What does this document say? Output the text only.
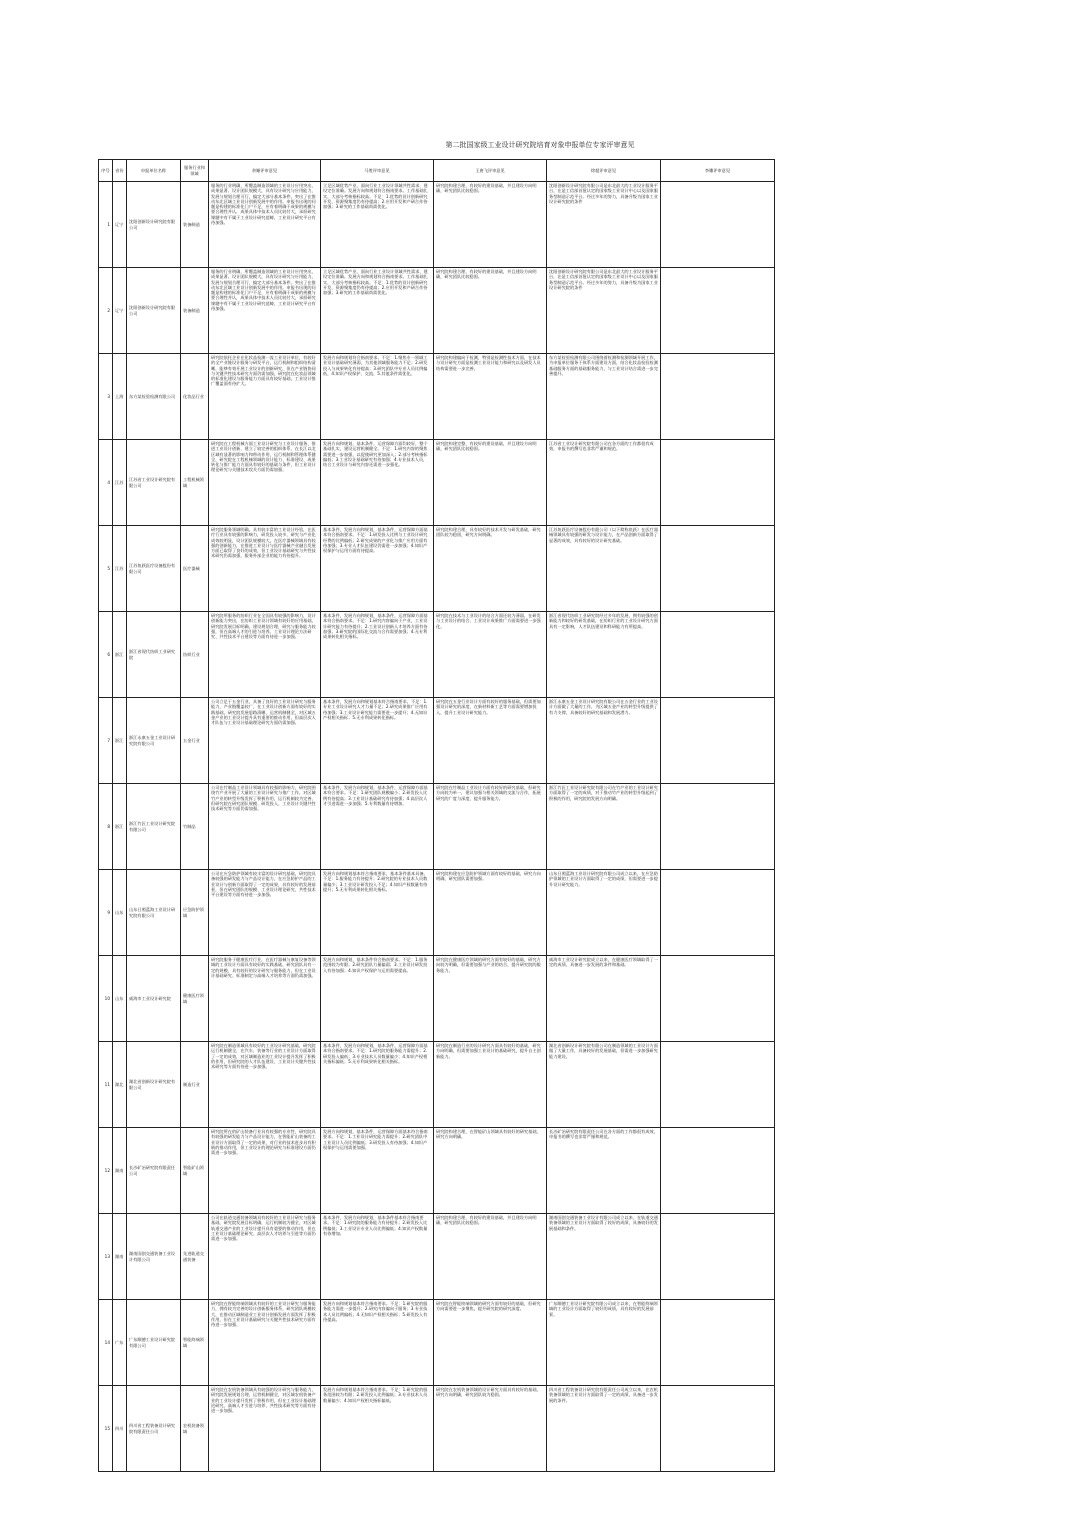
第二批国家级工业设计研究院培育对象申报单位专家评审意见
序号	省份	申报单位名称	服务行业和领域	余姗评审意见	马胜评审意见	王唐飞评审意见	徐超评审意见	李雕评审意见
1	辽宁	沈阳创新设计研究院有限公司	装备制造	服务的行业明确，所覆盖制造领域的工业设计应用突出，成果显著。设计团队规模大，具有设计研究与应用能力，发展与规划合理可行，搞定大部分基本条件。突出了在推动东北区域工业设计创新发展中的作用。申报书出现的问题是构建的标准化门户不足，应有着明确干成果的规模与要合理性并认，成果具体中技术人员比较付大，承担研究课题中有不属于工业设计研究范畴，工业设计研究平台有待加强。	立足区域优势产业，面向行业工业设计领域共性需求，建设定位准确。发展方向和规划符合指南要求。工作基础扎实，大部分考核指标较高。不足：1.优势的设计创新研究开发、资源聚集度仍有待提高；2.应用开发和产研合作待加强；3.研究的工作基础尚需优化。	研究院构建合理，有较好的建设基础，并且建设方向明确，研究团队比较稳固。	沈阳创新设计研究院有限公司是东北最大的工业设计服务平台，在是工信部首批认定的国家级工业设计中心以及国家服务型制造示范平台。经过多年的努力，具备升级为国家工业设计研究院的条件	
2	辽宁	沈阳创新设计研究院有限公司	装备制造	服务的行业明确，所覆盖制造领域的工业设计应用突出，成果显著。设计团队规模大，具有设计研究与应用能力，发展与规划合理可行，搞定大部分基本条件。突出了在推动东北区域工业设计创新发展中的作用。申报书出现的问题是构建的标准化门户不足，应有着明确干成果的规模与要合理性并认，成果具体中技术人员比较付大，承担研究课题中有不属于工业设计研究范畴，工业设计研究平台有待加强。	立足区域优势产业，面向行业工业设计领域共性需求，建设定位准确。发展方向和规划符合指南要求。工作基础扎实，大部分考核指标较高。不足：1.优势的设计创新研究开发、资源聚集度仍有待提高；2.应用开发和产研合作待加强；3.研究的工作基础尚需优化。	研究院构建合理，有较好的建设基础，并且建设方向明确，研究团队比较稳固。	沈阳创新设计研究院有限公司是东北最大的工业设计服务平台，在是工信部首批认定的国家级工业设计中心以及国家服务型制造示范平台。经过多年的努力，具备升级为国家工业设计研究院的条件	
3	上海	东方某检验检测有限公司	化妆品行业	研究院依托企业在化妆品检测一流工业设计单位，有较好的全产业链设计服务与研发平台，运行机制和组织结构清晰，能够有效开展工业设计的创新研究，但在产业链协同与关键共性技术研究方面仍需加强，研究院在化妆品领域的标准化建设与服务能力方面具有较好基础，工业设计推广覆盖面有待扩大。	发展方向和规划符合指南要求。不足：1.聚焦专一领域工业设计基础研究薄弱，为其他领域服务能力不足；2.研发投入与成果转化有待提高；3.研究团队中专业人员比例偏低，4.知识产权保护、交流、5.其他条件需优化。	研究院构建偏向于检测，特别是检测性技术方面，在技术与设计研究方面是检测工业设计能力和研究以及研发人员结构需要进一步完善。	东方某检验检测有限公司围绕着检测和检测领域开展工作，为申报单位服务于体系方面建设方面，结合化妆品检验检测基础服务方面的基础服务能力，与工业设计结合需进一步完善提升。	
4	江苏	江苏省工业设计研究院有限公司	工程机械领域	研究院在工程机械方面工业设计研究与工业设计服务、推进工业设计创新、建立了较完善的组织体系，在长江以北区域有显著的影响力和带动作用，运行机制和管理体系健全，研究院在工程机械领域的设计能力、标准建设、成果转化与推广能力方面具有较好的基础与条件，但工业设计理论研究与关键技术攻关方面仍需加强。	发展方向和规划，基本条件，运营保障方面均较好，整个基础扎实，建设运营机制健全。不足：1.研究内容的聚焦需要进一步加强，以促使研究更加深入；2.部分考核指标偏低；3.工业设计基础研究有待加强；4.专业技术人员，结合工业设计与研究内容还需进一步强化。	研究院构建完整，有较好的建设基础，并且建设方向明确，研究团队比较稳固。	江苏省工业设计研究院有限公司在各方面的工作都很有成效，申报书的撰写也非常严谨和规范。	
5	江苏	江苏鱼跃医疗设备股份有限公司	医疗器械	研究院服务领域明确，具有较丰富的工业设计经验，在医疗行业具有较强的影响力，研发投入较多，研究与产业化成效较明显，设计团队规模较大，在医疗器械领域具有较强的创新能力，在推进工业设计与医疗器械产业融合发展方面已取得了良好的成效，但工业设计基础研究与共性技术研究仍需加强，服务外部企业的能力有待提升。	基本条件，发展方向和规划，基本条件，运营保障方面基本符合指南要求。不足：1.研发投入比例与工业设计研究经费的比例偏低；2.研究成果的产业化与推广应用方面有待加强；3.专业人才队伍建设仍需进一步加强；4.知识产权保护与运用方面有待提高。	研究院构建合理，具有较好的技术开发与研发基础，研究团队较为稳固，研究方向明确。	江苏鱼跃医疗设备股份有限公司（以下简称鱼跃）在医疗器械领域具有较强的研发与设计能力，在产品创新方面取得了显著的成效，具有较好的设计研究基础。	
6	浙江	浙江省现代纺织工业研究院	纺织行业	研究院所服务的纺织行业在全国具有较强的影响力，设计创新能力突出，在纺织工业设计领域有较好的应用基础，研究院发展目标明确，建设规划合理，研究与服务能力较强，但在高端人才的引进与培养、工业设计理论方法研究、共性技术平台建设等方面有待进一步加强。	基本条件，发展方向和规划，基本条件，运营保障方面基本符合指南要求。不足：1.研究内容偏向于产业，工业设计研究能力有待提升；2.工业设计创新人才培养方面有待加强；3.研究院的国际化交流与合作需要加强；4.无专利成果转化相关指标。	研究院在技术与工业设计的结合方面还较为薄弱，在研发与工业设计的结合、工业设计成果推广方面需要进一步强化。	浙江省现代纺织工业研究院经过多年的发展，拥有较强的创新能力和较好的研发基础，在纺织行业的工业设计研究方面具有一定影响，人才队伍建设和科研能力有所提高。	
7	浙江	浙江永康五金工业设计研究院有限公司	五金行业	公司立足于五金行业，具备了良好的工业设计研究与服务能力，产业链覆盖较广，在工业设计创新方面有较好的实践基础，研究院发展思路清晰，运营机制健全，对区域五金产业的工业设计提升具有重要的推动作用，但高层次人才队伍与工业设计基础理论研究方面仍需加强。	基本条件，发展方向和规划基本符合指南要求。不足：1.专业工业设计研究人才力量不足；2.研究成果推广应用有待加强；3.工业设计研究能力需要进一步提升；4.无知识产权相关指标；5.无专利成果转化指标。	研究院在五金行业设计方面有较好的服务基础，但需要加强设计研究的深度，在新材料新工艺等方面需要增加投入，提升工业设计研究能力。	浙江永康五金工业设计研究院有限公司在五金行业的工业设计方面做了大量的工作，为区域五金产业的转型升级提供了有力支撑，具备较好的研究基础和发展潜力。	
8	浙江	浙江竹匠工业设计研究院有限公司	竹制品	公司在竹制品工业设计领域具有较强的影响力，研究院围绕竹产业开展了大量的工业设计研究与推广工作，对区域竹产业的转型升级发挥了积极作用，运行机制较为完善，但研究院在研究团队规模、研发投入、工业设计关键共性技术研究等方面仍需加强。	基本条件，发展方向和规划，基本条件，运营保障方面基本符合要求。不足：1.研究团队规模偏小；2.研发投入比例有待提高；3.工业设计基础研究有待加强；4.高层次人才引进需进一步加强；5.专利数量有待增加。	研究院在竹制品工业设计方面有较好的研究基础，但研究方向较为单一，建议加强与相关领域的交流与合作，拓展研究的广度与深度，提升服务能力。	浙江竹匠工业设计研究院有限公司在竹产业的工业设计研究方面取得了一定的成绩，对于推动竹产业的转型升级起到了积极的作用，研究院的发展方向明确。	
9	山东	山东日照蓝海工业设计研究院有限公司	应急防护领域	公司在应急防护领域有较丰富的设计研究基础，研究院具备较强的研发能力与产品设计能力，在应急防护产品的工业设计与创新方面取得了一定的成果，具有较好的发展前景，但在研究团队的规模、工业设计理论研究、共性技术平台建设等方面有待进一步加强。	发展方向和规划基本符合指南要求，基本条件基本具备。不足：1.服务能力有待提升；2.研究院的专业技术人员数量偏少；3.工业设计研发投入不足；4.知识产权数量有待提升；5.无专利成果转化相关指标。	研究院构建在应急防护领域方面有较好的基础，研究方向明确，研究团队需要加强。	山东日照蓝海工业设计研究院有限公司成立以来，在应急防护领域的工业设计方面取得了一定的成绩，但需要进一步提升设计研究能力。	
10	山东	威海市工业设计研究院	健康医疗领域	研究院服务于健康医疗行业，在医疗器械与康复设备等领域的工业设计方面具有较好的实践基础，研究团队具有一定的规模，具有较好的设计研究与服务能力，但在工业设计基础研究、标准制定与高端人才培养等方面仍需加强。	发展方向和规划，基本条件符合指南要求。不足：1.服务范围较为有限；2.研究团队力量偏弱；3.工业设计研发投入有待加强；4.知识产权保护与运用需要提高。	研究院在健康医疗领域的研究方面有较好的基础，研究方向较为明确，但需要加强与产业的结合，提升研究院的服务能力。	威海市工业设计研究院成立以来，在健康医疗领域取得了一定的成绩，具备进一步发展的条件和基础。	
11	湖北	湖北省创新设计研究院有限公司	制造行业	研究院在制造领域具有较好的工业设计研究基础，研究院运行机制健全，在汽车、装备等行业的工业设计方面取得了一定的成效，对区域制造业的工业设计提升发挥了积极的作用，但研究院的人才队伍建设、工业设计关键共性技术研究等方面有待进一步加强。	基本条件，发展方向和规划，基本条件，运营保障方面基本符合指南要求。不足：1.研究院的服务能力需提升；2.研发投入偏低；3.专业技术人员数量偏少；4.知识产权相关指标偏低；5.无专利成果转化相关指标。	研究院在制造行业的设计研究方面具有较好的基础，研究方向明确，但需要加强工业设计的基础研究，提升自主创新能力。	湖北省创新设计研究院有限公司在制造领域的工业设计方面做了大量工作，具备较好的发展基础，但需进一步加强研究能力建设。	
12	湖南	长沙矿冶研究院有限责任公司	智能矿山领域	研究院所在的矿山装备行业具有较强的专业性，研究院具有较强的研发能力与产品设计能力，在智能矿山装备的工业设计方面取得了一定的成果，对行业的技术进步具有积极的推动作用，但工业设计的理论研究与标准建设方面仍需进一步加强。	发展方向和规划，基本条件，运营保障方面基本符合指南要求。不足：1.工业设计研究能力需提升；2.研究团队中工业设计人员比例偏低；3.研发投入有待加强；4.知识产权保护与运用需要加强。	研究院构建合理，在智能矿山领域具有较好的研究基础，研究方向明确。	长沙矿冶研究院有限责任公司在各方面的工作都很有成效，申报书的撰写也非常严谨和规范。	
13	湖南	湖南国创交通装备工业设计有限公司	先进轨道交通装备	公司在轨道交通装备领域具有较好的工业设计研究与服务基础，研究院发展目标明确，运行机制较为健全，对区域轨道交通产业的工业设计提升具有重要的推动作用，但在工业设计基础理论研究、高层次人才培养与引进等方面仍需进一步加强。	基本条件，发展方向和规划，基本条件基本符合指南要求。不足：1.研究院的服务能力有待提升；2.研发投入比例偏低；3.工业设计专业人员比例偏低；4.知识产权数量有待增加。	研究院构建合理，有较好的建设基础，并且建设方向明确，研究团队比较稳固。	湖南国创交通装备工业设计有限公司成立以来，在轨道交通装备领域的工业设计方面取得了较好的成绩，具备较好的发展基础和条件。	
14	广东	广东顺德工业设计研究院有限公司	智能终端领域	研究院在智能终端领域具有较好的工业设计研究与服务能力，拥有较为完善的设计创新服务体系，研究团队规模较大，在推动区域制造业工业设计创新发展方面发挥了积极作用，但在工业设计基础研究与关键共性技术研究方面有待进一步加强。	发展方向和规划基本符合指南要求。不足：1.研究院的服务能力需进一步提升；2.研究内容偏向于服务；3.专业技术人员比例偏低；4.无知识产权相关指标；5.研发投入有待提高。	研究院在智能终端领域的研究方面有较好的基础，但研究方向需要进一步聚焦，提升研究院的研究深度。	广东顺德工业设计研究院有限公司成立以来，在智能终端领域的工业设计方面取得了较好的成绩，具有较好的发展前景。	
15	四川	四川省工程装备设计研究院有限责任公司	农机装备领域	研究院在农机装备领域具有较强的设计研究与服务能力，研究院发展规划合理，运营机制健全，对区域农机装备产业的工业设计提升发挥了积极作用，但在工业设计基础理论研究、高端人才引进与培养、共性技术研究等方面有待进一步加强。	发展方向和规划基本符合指南要求。不足：1.研究院的服务范围较为有限；2.研发投入比例偏低；3.专业技术人员数量偏少；4.知识产权相关指标偏低。	研究院在农机装备领域的设计研究方面具有较好的基础，研究方向明确，研究团队较为稳固。	四川省工程装备设计研究院有限责任公司成立以来，在农机装备领域的工业设计方面取得了一定的成绩，具备进一步发展的条件。	
